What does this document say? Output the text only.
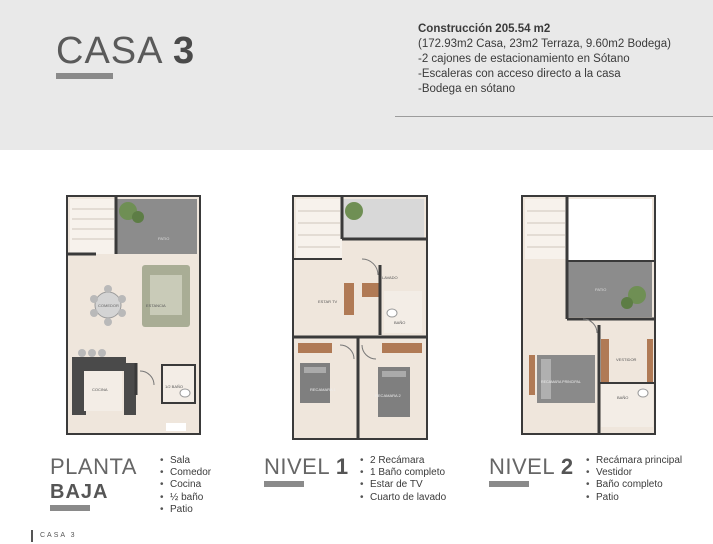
CASA 3
Construcción 205.54 m2
(172.93m2 Casa, 23m2 Terraza, 9.60m2 Bodega)
-2 cajones de estacionamiento en Sótano
-Escaleras con acceso directo a la casa
-Bodega en sótano
PATIO
COMEDOR	ESTANCIA
COCINA
1/2 BAÑO
LAVADO
ESTAR TV
BAÑO
RECAMARA 1
RECAMARA 2
PATIO
VESTIDOR
RECAMARA PRINCIPAL
BAÑO
PLANTA
BAJA
• Sala
• Comedor
• Cocina
• ½ baño
• Patio
NIVEL 1	• 2 Recámara
• 1 Baño completo
• Estar de TV
• Cuarto de lavado
NIVEL 2	• Recámara principal
• Vestidor
• Baño completo
• Patio
CASA 3
